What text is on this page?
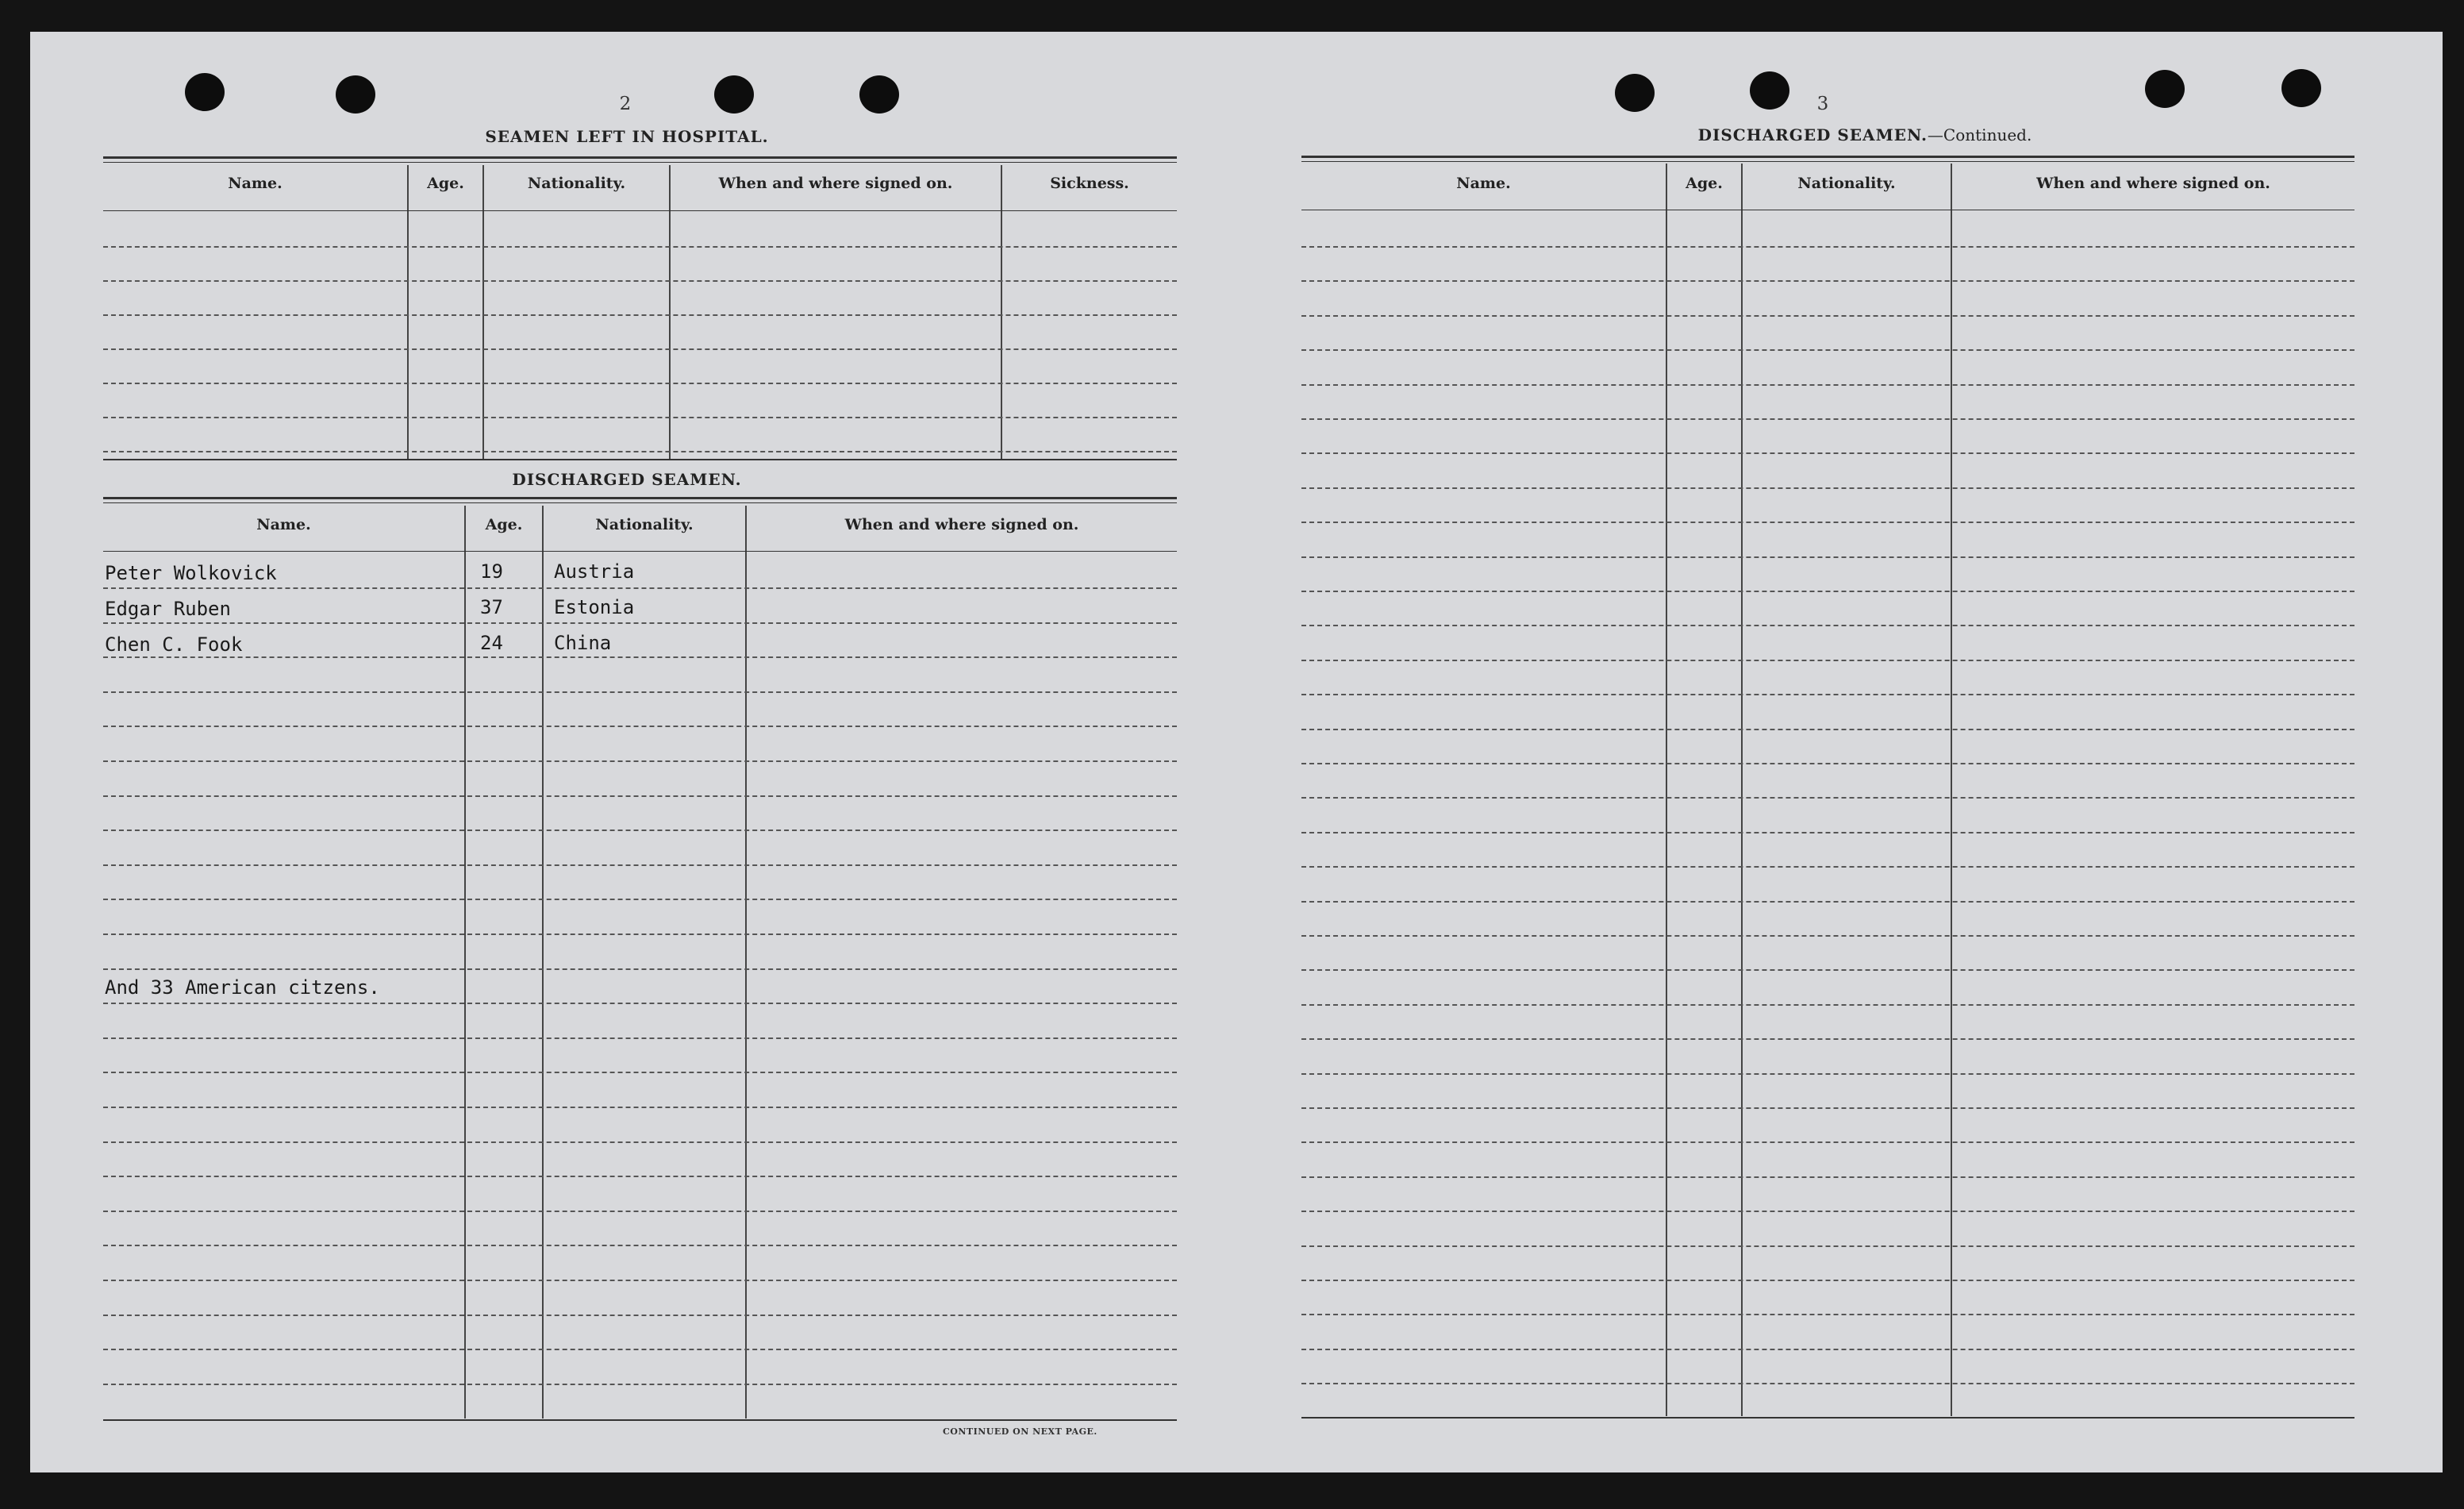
2
SEAMEN LEFT IN HOSPITAL.
Name.	Age.	Nationality.	When and where signed on.	Sickness.
DISCHARGED SEAMEN.
Name.	Age.	Nationality.	When and where signed on.
Peter Wolkovick	19	Austria
Edgar Ruben	37	Estonia
Chen C. Fook	24	China
And 33 American citzens.
CONTINUED ON NEXT PAGE.
3
DISCHARGED SEAMEN.—Continued.
Name.	Age.	Nationality.	When and where signed on.
